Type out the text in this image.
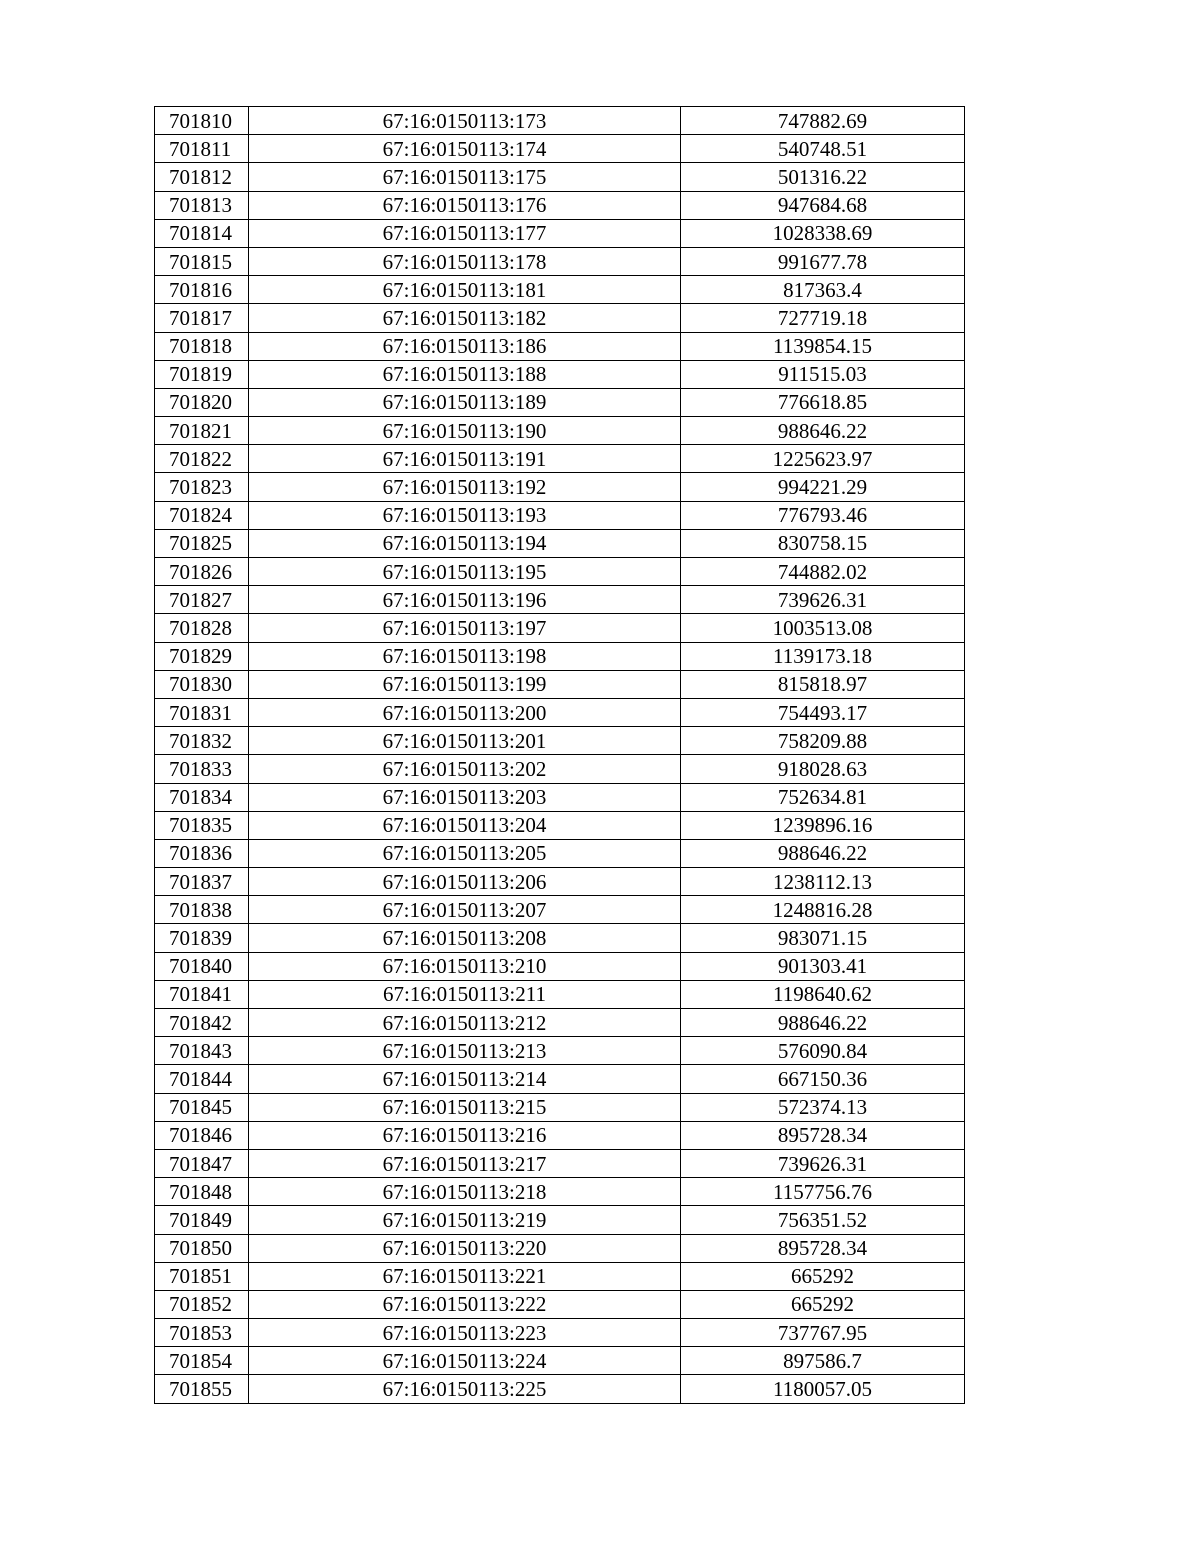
701810	67:16:0150113:173	747882.69
701811	67:16:0150113:174	540748.51
701812	67:16:0150113:175	501316.22
701813	67:16:0150113:176	947684.68
701814	67:16:0150113:177	1028338.69
701815	67:16:0150113:178	991677.78
701816	67:16:0150113:181	817363.4
701817	67:16:0150113:182	727719.18
701818	67:16:0150113:186	1139854.15
701819	67:16:0150113:188	911515.03
701820	67:16:0150113:189	776618.85
701821	67:16:0150113:190	988646.22
701822	67:16:0150113:191	1225623.97
701823	67:16:0150113:192	994221.29
701824	67:16:0150113:193	776793.46
701825	67:16:0150113:194	830758.15
701826	67:16:0150113:195	744882.02
701827	67:16:0150113:196	739626.31
701828	67:16:0150113:197	1003513.08
701829	67:16:0150113:198	1139173.18
701830	67:16:0150113:199	815818.97
701831	67:16:0150113:200	754493.17
701832	67:16:0150113:201	758209.88
701833	67:16:0150113:202	918028.63
701834	67:16:0150113:203	752634.81
701835	67:16:0150113:204	1239896.16
701836	67:16:0150113:205	988646.22
701837	67:16:0150113:206	1238112.13
701838	67:16:0150113:207	1248816.28
701839	67:16:0150113:208	983071.15
701840	67:16:0150113:210	901303.41
701841	67:16:0150113:211	1198640.62
701842	67:16:0150113:212	988646.22
701843	67:16:0150113:213	576090.84
701844	67:16:0150113:214	667150.36
701845	67:16:0150113:215	572374.13
701846	67:16:0150113:216	895728.34
701847	67:16:0150113:217	739626.31
701848	67:16:0150113:218	1157756.76
701849	67:16:0150113:219	756351.52
701850	67:16:0150113:220	895728.34
701851	67:16:0150113:221	665292
701852	67:16:0150113:222	665292
701853	67:16:0150113:223	737767.95
701854	67:16:0150113:224	897586.7
701855	67:16:0150113:225	1180057.05
